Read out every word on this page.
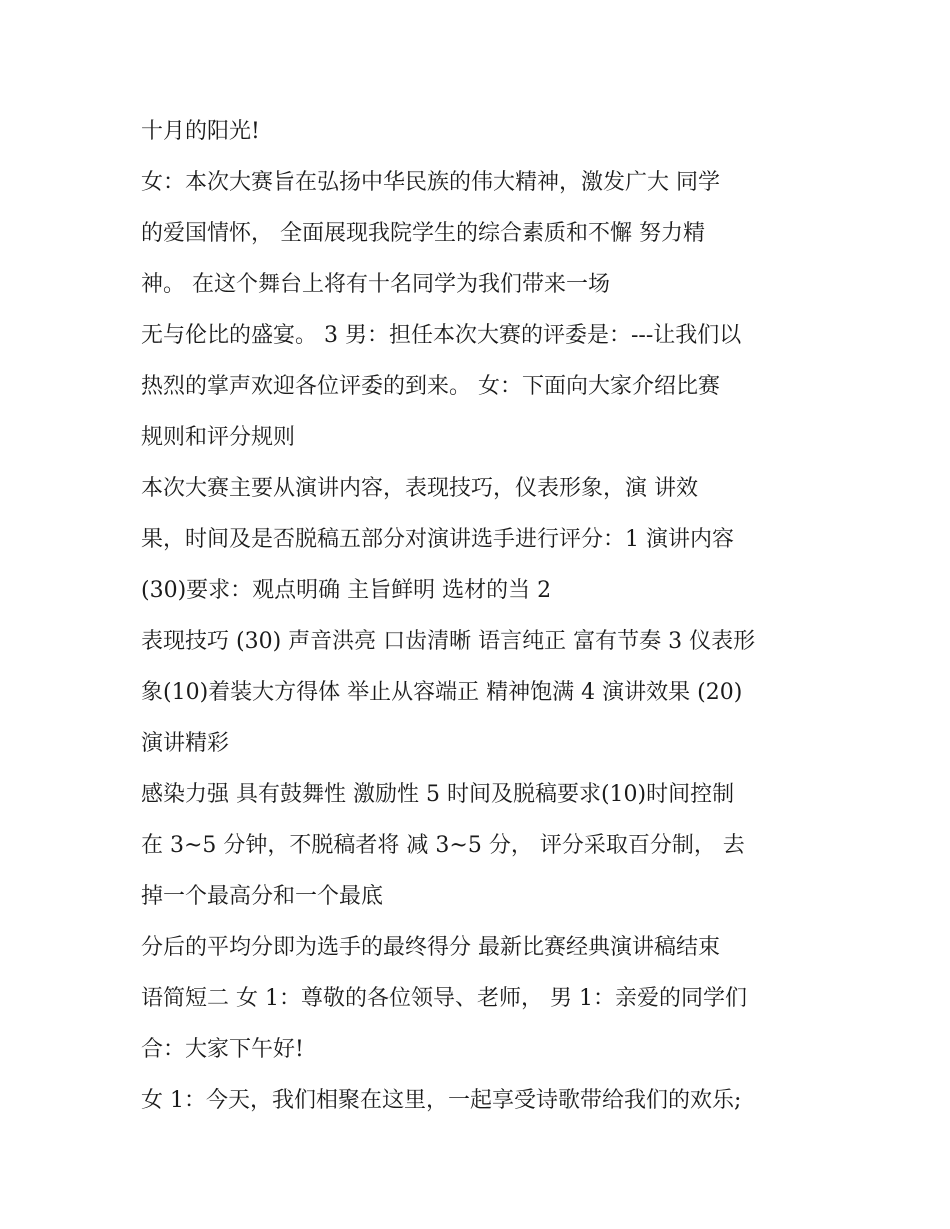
十月的阳光!
女：本次大赛旨在弘扬中华民族的伟大精神，激发广大 同学
的爱国情怀， 全面展现我院学生的综合素质和不懈 努力精
神。 在这个舞台上将有十名同学为我们带来一场
无与伦比的盛宴。 3 男：担任本次大赛的评委是：---让我们以
热烈的掌声欢迎各位评委的到来。 女：下面向大家介绍比赛
规则和评分规则
本次大赛主要从演讲内容，表现技巧，仪表形象，演 讲效
果，时间及是否脱稿五部分对演讲选手进行评分：1 演讲内容
(30)要求：观点明确 主旨鲜明 选材的当 2
表现技巧 (30) 声音洪亮 口齿清晰 语言纯正 富有节奏 3 仪表形
象(10)着装大方得体 举止从容端正 精神饱满 4 演讲效果 (20)
演讲精彩
感染力强 具有鼓舞性 激励性 5 时间及脱稿要求(10)时间控制
在 3~5 分钟，不脱稿者将 减 3~5 分， 评分采取百分制， 去
掉一个最高分和一个最底
分后的平均分即为选手的最终得分 最新比赛经典演讲稿结束
语简短二 女 1：尊敬的各位领导、老师， 男 1：亲爱的同学们
合：大家下午好!
女 1：今天，我们相聚在这里，一起享受诗歌带给我们的欢乐;
